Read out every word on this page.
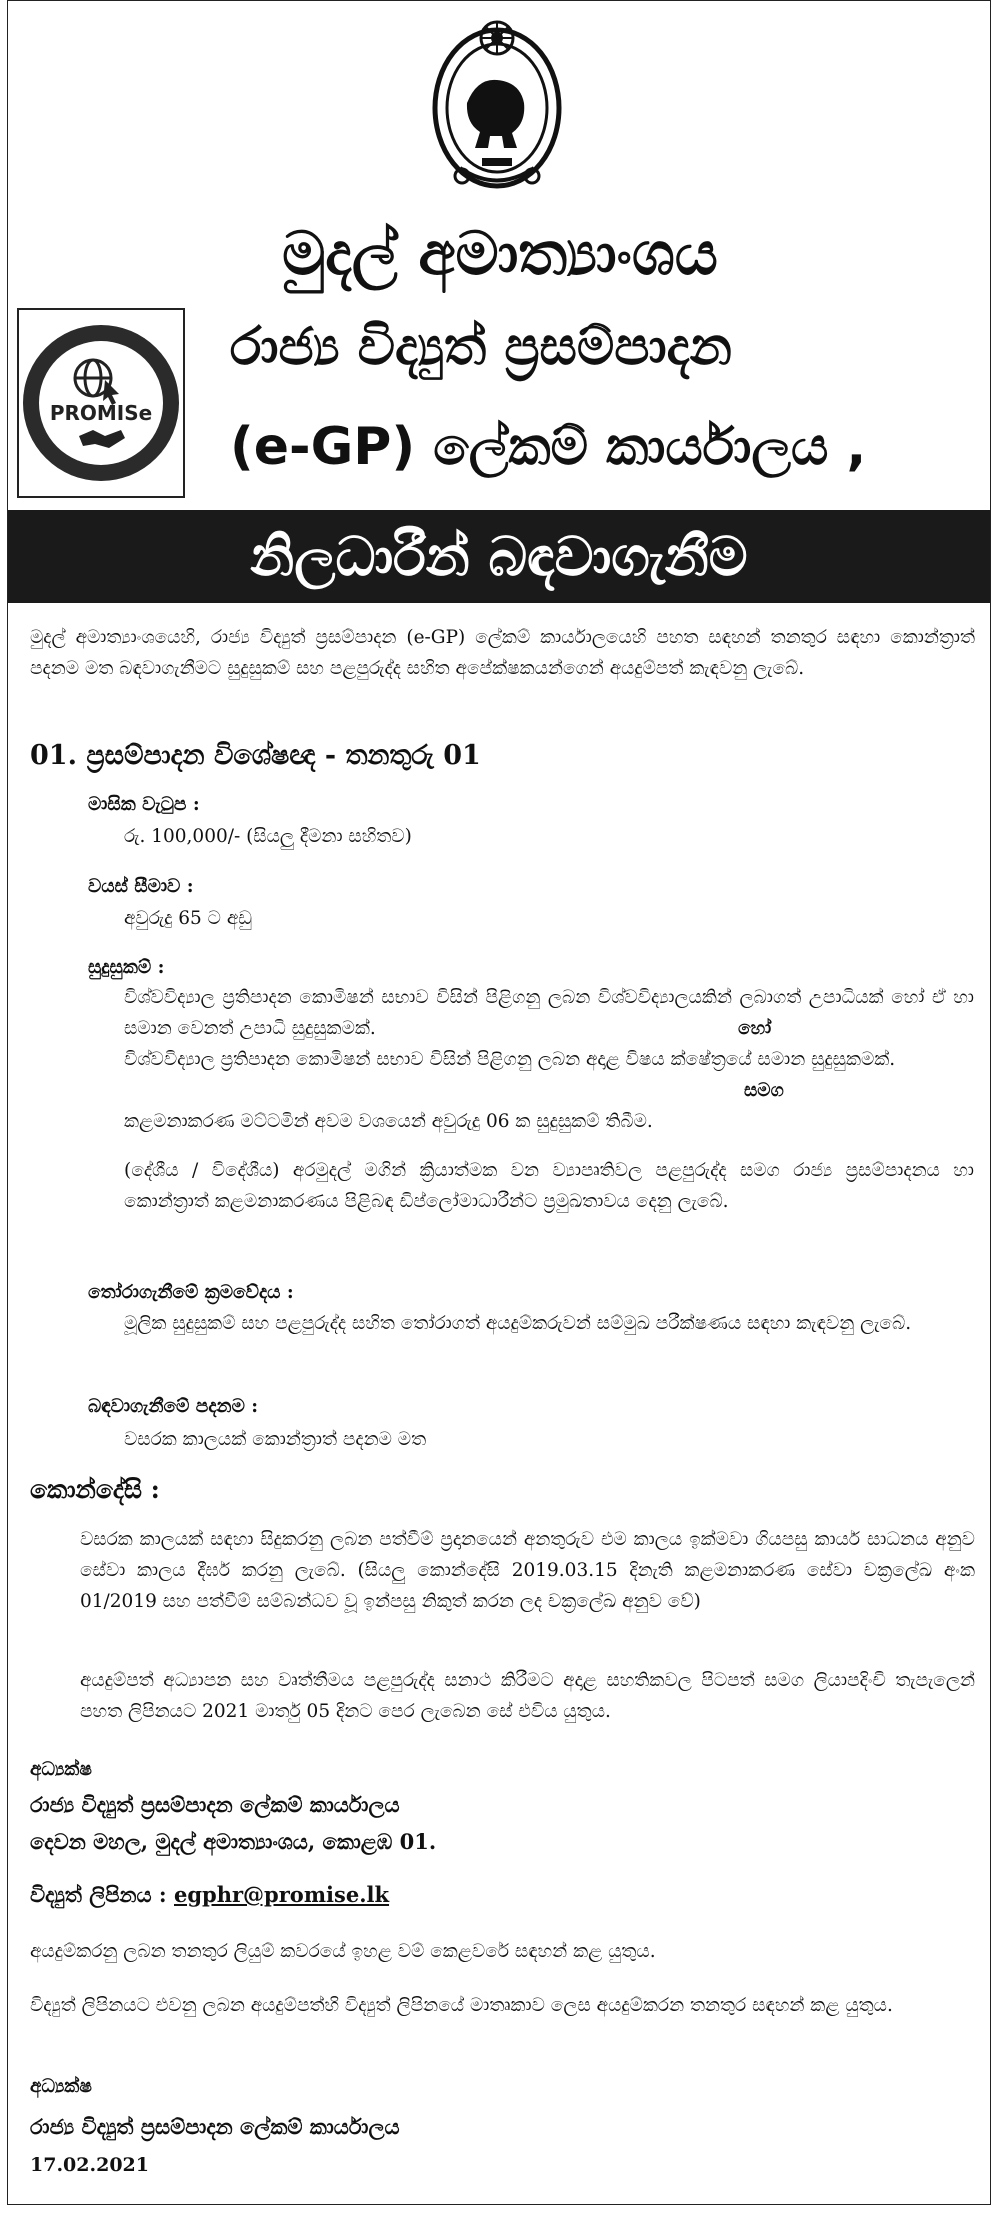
මුදල් අමාත්‍යාංශය
PROMISe
රාජ්‍ය විද්‍යුත් ප්‍රසම්පාදන
(e-GP) ලේකම් කාර්යාලය ,
නිලධාරීන් බඳවාගැනීම
මුදල් අමාත්‍යාංශයෙහි, රාජ්‍ය විද්‍යුත් ප්‍රසම්පාදන (e-GP) ලේකම් කාර්යාලයෙහි පහත සඳහන් තනතුර සඳහා කොන්ත්‍රාත් පදනම මත බඳවාගැනීමට සුදුසුකම් සහ පළපුරුද්ද සහිත අපේක්ෂකයන්ගෙන් අයදුම්පත් කැඳවනු ලැබේ.
01. ප්‍රසම්පාදන විශේෂඥ - තනතුරු 01
මාසික වැටුප :
රු. 100,000/- (සියලු දීමනා සහිතව)
වයස් සීමාව :
අවුරුදු 65 ට අඩු
සුදුසුකම් :
විශ්වවිද්‍යාල ප්‍රතිපාදන කොමිෂන් සභාව විසින් පිළිගනු ලබන විශ්වවිද්‍යාලයකින් ලබාගත් උපාධියක් හෝ ඒ හා සමාන වෙනත් උපාධි සුදුසුකමක්.	හෝ
විශ්වවිද්‍යාල ප්‍රතිපාදන කොමිෂන් සභාව විසින් පිළිගනු ලබන අදාළ විෂය ක්ෂේත්‍රයේ සමාන සුදුසුකමක්.
සමග
කළමනාකරණ මට්ටමින් අවම වශයෙන් අවුරුදු 06 ක සුදුසුකම් තිබීම.
(දේශීය / විදේශීය) අරමුදල් මගින් ක්‍රියාත්මක වන ව්‍යාපෘතිවල පළපුරුද්ද සමග රාජ්‍ය ප්‍රසම්පාදනය හා කොන්ත්‍රාත් කළමනාකරණය පිළිබඳ ඩිප්ලෝමාධාරීන්ට ප්‍රමුඛතාවය දෙනු ලැබේ.
තෝරාගැනීමේ ක්‍රමවේදය :
මූලික සුදුසුකම් සහ පළපුරුද්ද සහිත තෝරාගත් අයදුම්කරුවන් සම්මුඛ පරීක්ෂණය සඳහා කැඳවනු ලැබේ.
බඳවාගැනීමේ පදනම :
වසරක කාලයක් කොන්ත්‍රාත් පදනම මත
කොන්දේසි :
වසරක කාලයක් සඳහා සිදුකරනු ලබන පත්වීම් ප්‍රදානයෙන් අනතුරුව එම කාලය ඉක්මවා ගියපසු කාර්ය සාධනය අනුව සේවා කාලය දීර්ඝ කරනු ලැබේ. (සියලු කොන්දේසි 2019.03.15 දිනැති කළමනාකරණ සේවා චක්‍රලේඛ අංක 01/2019 සහ පත්වීම් සම්බන්ධව වූ ඉන්පසු නිකුත් කරන ලද චක්‍රලේඛ අනුව වේ)
අයදුම්පත් අධ්‍යාපන සහ වෘත්තීමය පළපුරුද්ද සනාථ කිරීමට අදාළ සහතිකවල පිටපත් සමග ලියාපදිංචි තැපැලෙන් පහත ලිපිනයට 2021 මාර්තු 05 දිනට පෙර ලැබෙන සේ එවිය යුතුය.
අධ්‍යක්ෂ
රාජ්‍ය විද්‍යුත් ප්‍රසම්පාදන ලේකම් කාර්යාලය
දෙවන මහල, මුදල් අමාත්‍යාංශය, කොළඹ 01.
විද්‍යුත් ලිපිනය : egphr@promise.lk
අයදුම්කරනු ලබන තනතුර ලියුම් කවරයේ ඉහළ වම් කෙළවරේ සඳහන් කළ යුතුය.
විද්‍යුත් ලිපිනයට එවනු ලබන අයදුම්පත්හි විද්‍යුත් ලිපිනයේ මාතෘකාව ලෙස අයදුම්කරන තනතුර සඳහන් කළ යුතුය.
අධ්‍යක්ෂ
රාජ්‍ය විද්‍යුත් ප්‍රසම්පාදන ලේකම් කාර්යාලය
17.02.2021
